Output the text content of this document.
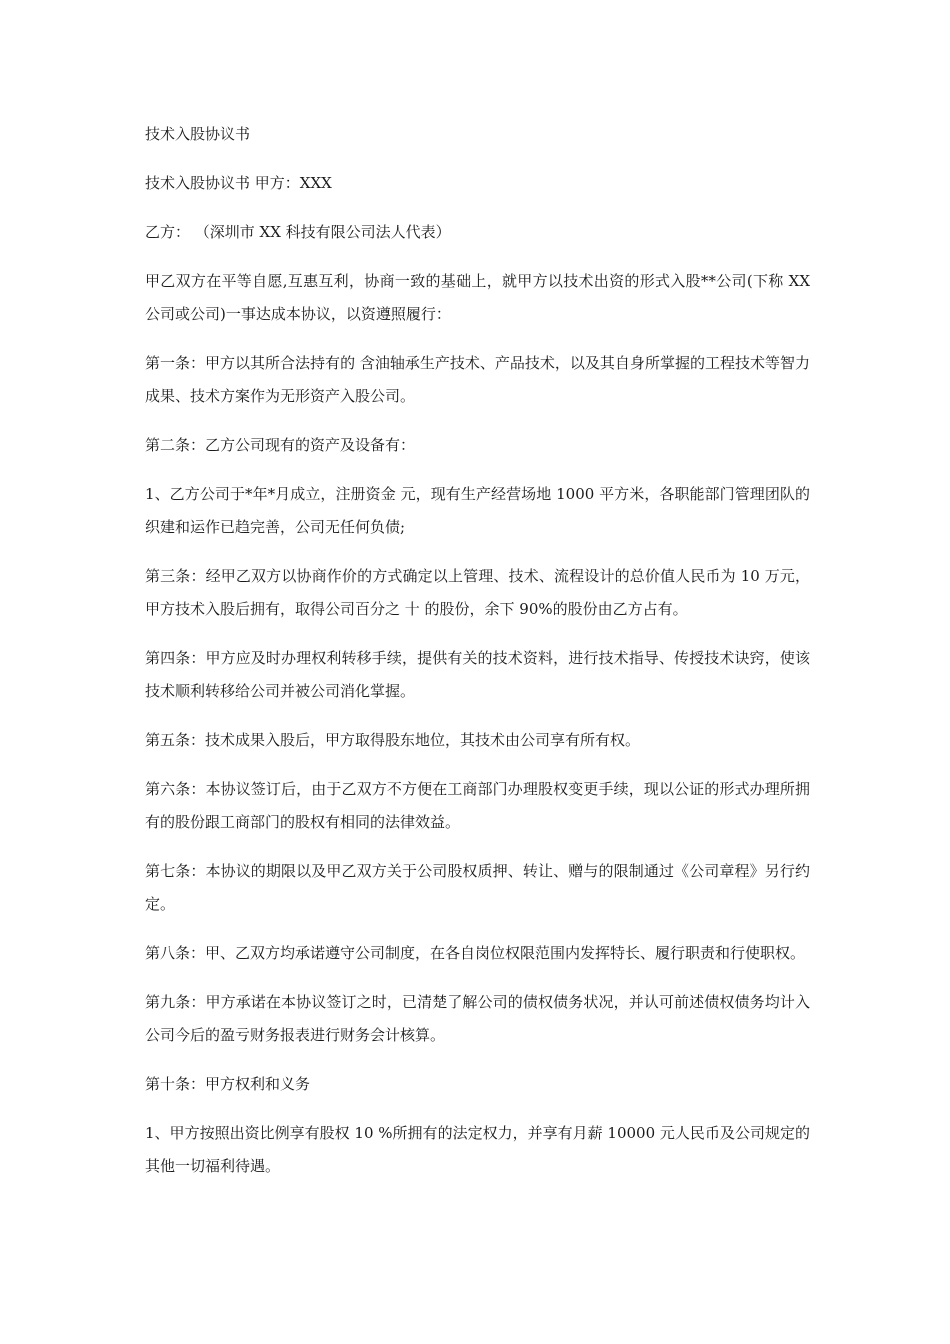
技术入股协议书

技术入股协议书 甲方：XXX

乙方： （深圳市 XX 科技有限公司法人代表）

甲乙双方在平等自愿,互惠互利，协商一致的基础上，就甲方以技术出资的形式入股**公司(下称 XX 公司或公司)一事达成本协议，以资遵照履行：

第一条：甲方以其所合法持有的 含油轴承生产技术、产品技术，以及其自身所掌握的工程技术等智力成果、技术方案作为无形资产入股公司。

第二条：乙方公司现有的资产及设备有：

1、乙方公司于*年*月成立，注册资金 元，现有生产经营场地 1000 平方米，各职能部门管理团队的织建和运作已趋完善，公司无任何负债;

第三条：经甲乙双方以协商作价的方式确定以上管理、技术、流程设计的总价值人民币为 10 万元，甲方技术入股后拥有，取得公司百分之 十 的股份，余下 90%的股份由乙方占有。

第四条：甲方应及时办理权利转移手续，提供有关的技术资料，进行技术指导、传授技术诀窍，使该技术顺利转移给公司并被公司消化掌握。

第五条：技术成果入股后，甲方取得股东地位，其技术由公司享有所有权。

第六条：本协议签订后，由于乙双方不方便在工商部门办理股权变更手续，现以公证的形式办理所拥有的股份跟工商部门的股权有相同的法律效益。

第七条：本协议的期限以及甲乙双方关于公司股权质押、转让、赠与的限制通过《公司章程》另行约定。

第八条：甲、乙双方均承诺遵守公司制度，在各自岗位权限范围内发挥特长、履行职责和行使职权。

第九条：甲方承诺在本协议签订之时，已清楚了解公司的债权债务状况，并认可前述债权债务均计入公司今后的盈亏财务报表进行财务会计核算。

第十条：甲方权利和义务

1、甲方按照出资比例享有股权 10 %所拥有的法定权力，并享有月薪 10000 元人民币及公司规定的其他一切福利待遇。
